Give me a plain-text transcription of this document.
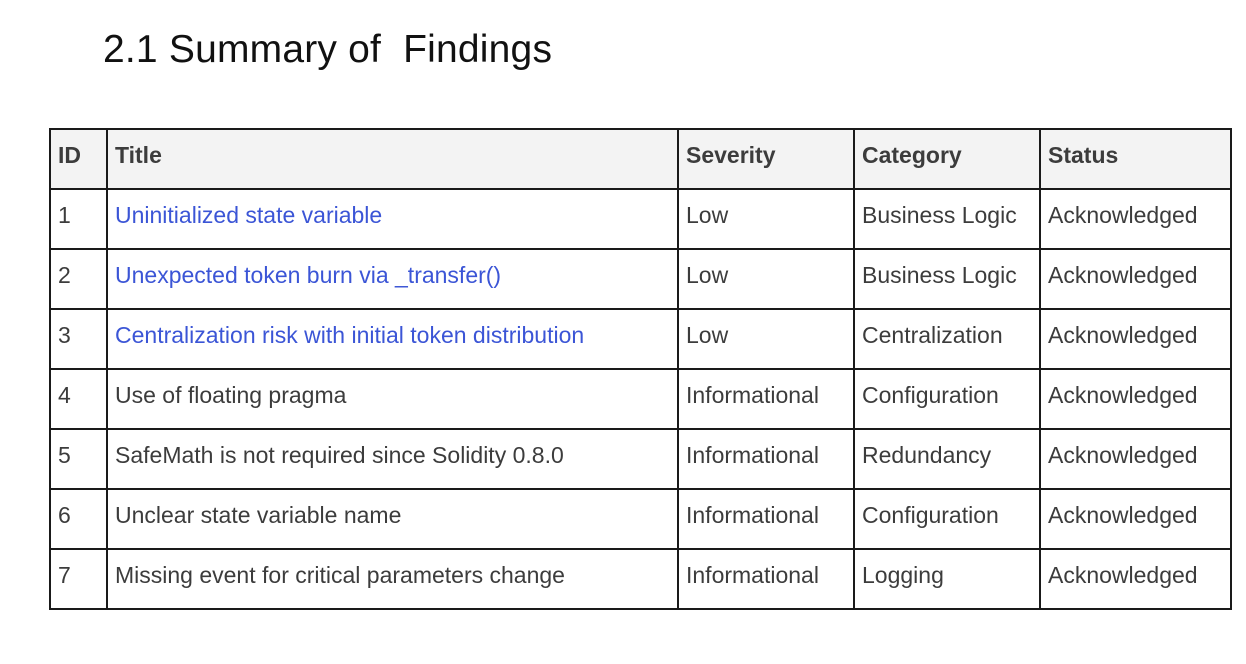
2.1 Summary of  Findings
ID	Title	Severity	Category	Status
1	Uninitialized state variable	Low	Business Logic	Acknowledged
2	Unexpected token burn via _transfer()	Low	Business Logic	Acknowledged
3	Centralization risk with initial token distribution	Low	Centralization	Acknowledged
4	Use of floating pragma	Informational	Configuration	Acknowledged
5	SafeMath is not required since Solidity 0.8.0	Informational	Redundancy	Acknowledged
6	Unclear state variable name	Informational	Configuration	Acknowledged
7	Missing event for critical parameters change	Informational	Logging	Acknowledged
